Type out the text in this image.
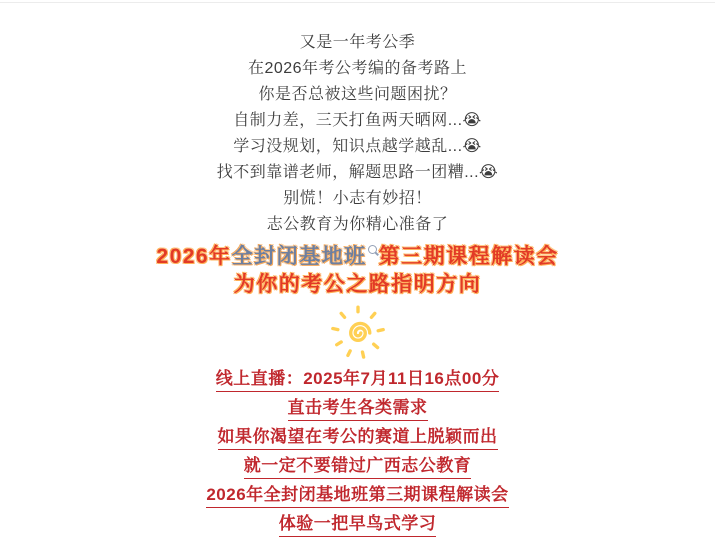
又是一年考公季
在2026年考公考编的备考路上
你是否总被这些问题困扰？
自制力差，三天打鱼两天晒网...😭
学习没规划，知识点越学越乱...😭
找不到靠谱老师，解题思路一团糟...😭
别慌！小志有妙招！
志公教育为你精心准备了
2026年全封闭基地班 第三期课程解读会
为你的考公之路指明方向
线上直播：2025年7月11日16点00分
直击考生各类需求
如果你渴望在考公的赛道上脱颖而出
就一定不要错过广西志公教育
2026年全封闭基地班第三期课程解读会
体验一把早鸟式学习
